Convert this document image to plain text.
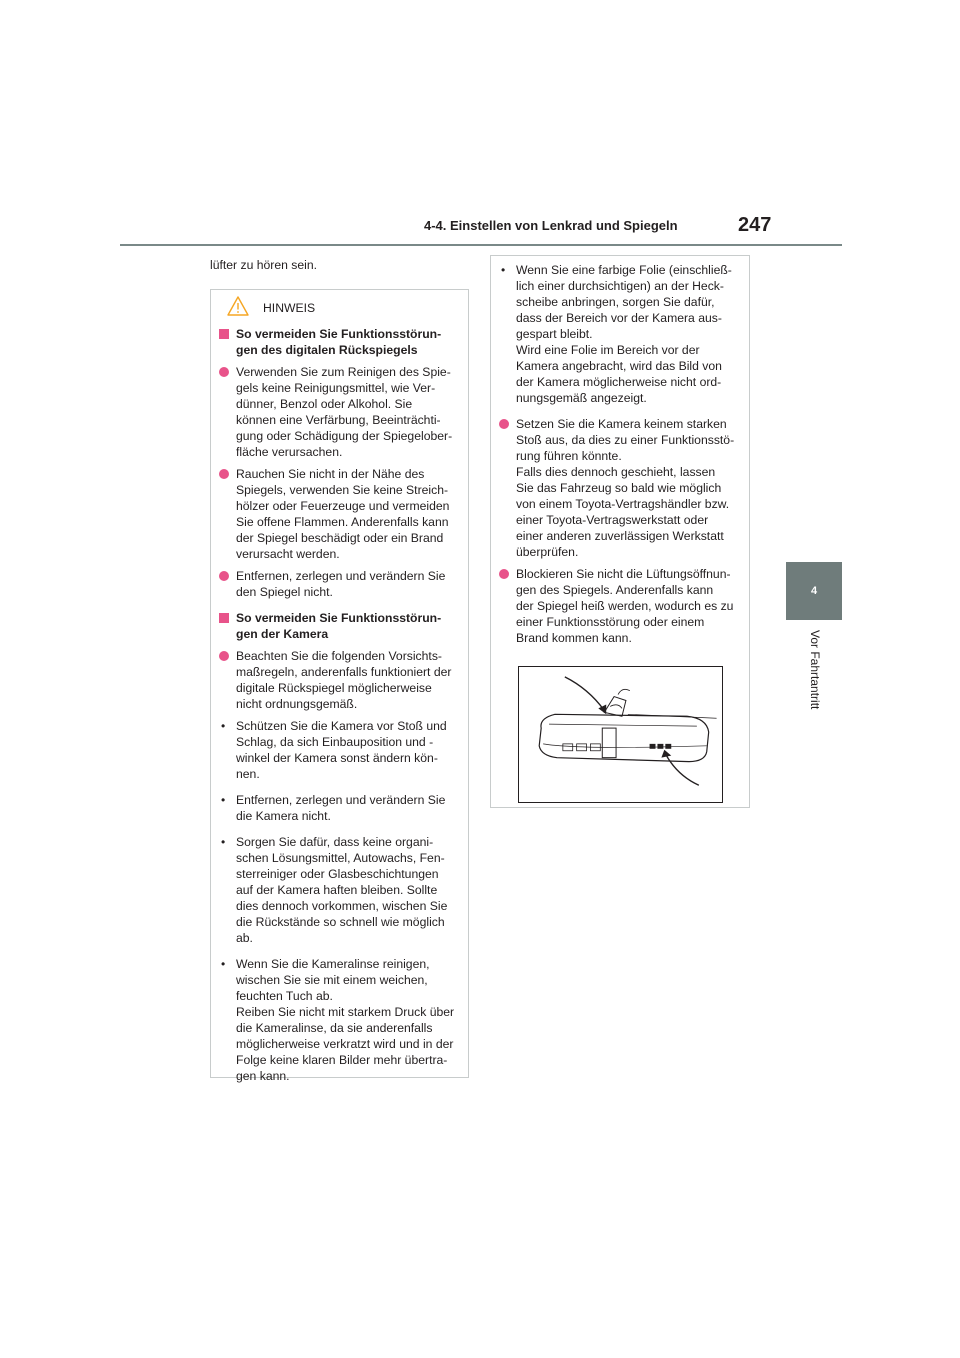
4-4. Einstellen von Lenkrad und Spiegeln	247
4
Vor Fahrtantritt
lüfter zu hören sein.
HINWEIS
So vermeiden Sie Funktionsstörun-
gen des digitalen Rückspiegels
Verwenden Sie zum Reinigen des Spie-
gels keine Reinigungsmittel, wie Ver-
dünner, Benzol oder Alkohol. Sie
können eine Verfärbung, Beeinträchti-
gung oder Schädigung der Spiegelober-
fläche verursachen.
Rauchen Sie nicht in der Nähe des
Spiegels, verwenden Sie keine Streich-
hölzer oder Feuerzeuge und vermeiden
Sie offene Flammen. Anderenfalls kann
der Spiegel beschädigt oder ein Brand
verursacht werden.
Entfernen, zerlegen und verändern Sie
den Spiegel nicht.
So vermeiden Sie Funktionsstörun-
gen der Kamera
Beachten Sie die folgenden Vorsichts-
maßregeln, anderenfalls funktioniert der
digitale Rückspiegel möglicherweise
nicht ordnungsgemäß.
• Schützen Sie die Kamera vor Stoß und
Schlag, da sich Einbauposition und -
winkel der Kamera sonst ändern kön-
nen.
• Entfernen, zerlegen und verändern Sie
die Kamera nicht.
• Sorgen Sie dafür, dass keine organi-
schen Lösungsmittel, Autowachs, Fen-
sterreiniger oder Glasbeschichtungen
auf der Kamera haften bleiben. Sollte
dies dennoch vorkommen, wischen Sie
die Rückstände so schnell wie möglich
ab.
• Wenn Sie die Kameralinse reinigen,
wischen Sie sie mit einem weichen,
feuchten Tuch ab.
Reiben Sie nicht mit starkem Druck über
die Kameralinse, da sie anderenfalls
möglicherweise verkratzt wird und in der
Folge keine klaren Bilder mehr übertra-
gen kann.
• Wenn Sie eine farbige Folie (einschließ-
lich einer durchsichtigen) an der Heck-
scheibe anbringen, sorgen Sie dafür,
dass der Bereich vor der Kamera aus-
gespart bleibt.
Wird eine Folie im Bereich vor der
Kamera angebracht, wird das Bild von
der Kamera möglicherweise nicht ord-
nungsgemäß angezeigt.
Setzen Sie die Kamera keinem starken
Stoß aus, da dies zu einer Funktionsstö-
rung führen könnte.
Falls dies dennoch geschieht, lassen
Sie das Fahrzeug so bald wie möglich
von einem Toyota-Vertragshändler bzw.
einer Toyota-Vertragswerkstatt oder
einer anderen zuverlässigen Werkstatt
überprüfen.
Blockieren Sie nicht die Lüftungsöffnun-
gen des Spiegels. Anderenfalls kann
der Spiegel heiß werden, wodurch es zu
einer Funktionsstörung oder einem
Brand kommen kann.
